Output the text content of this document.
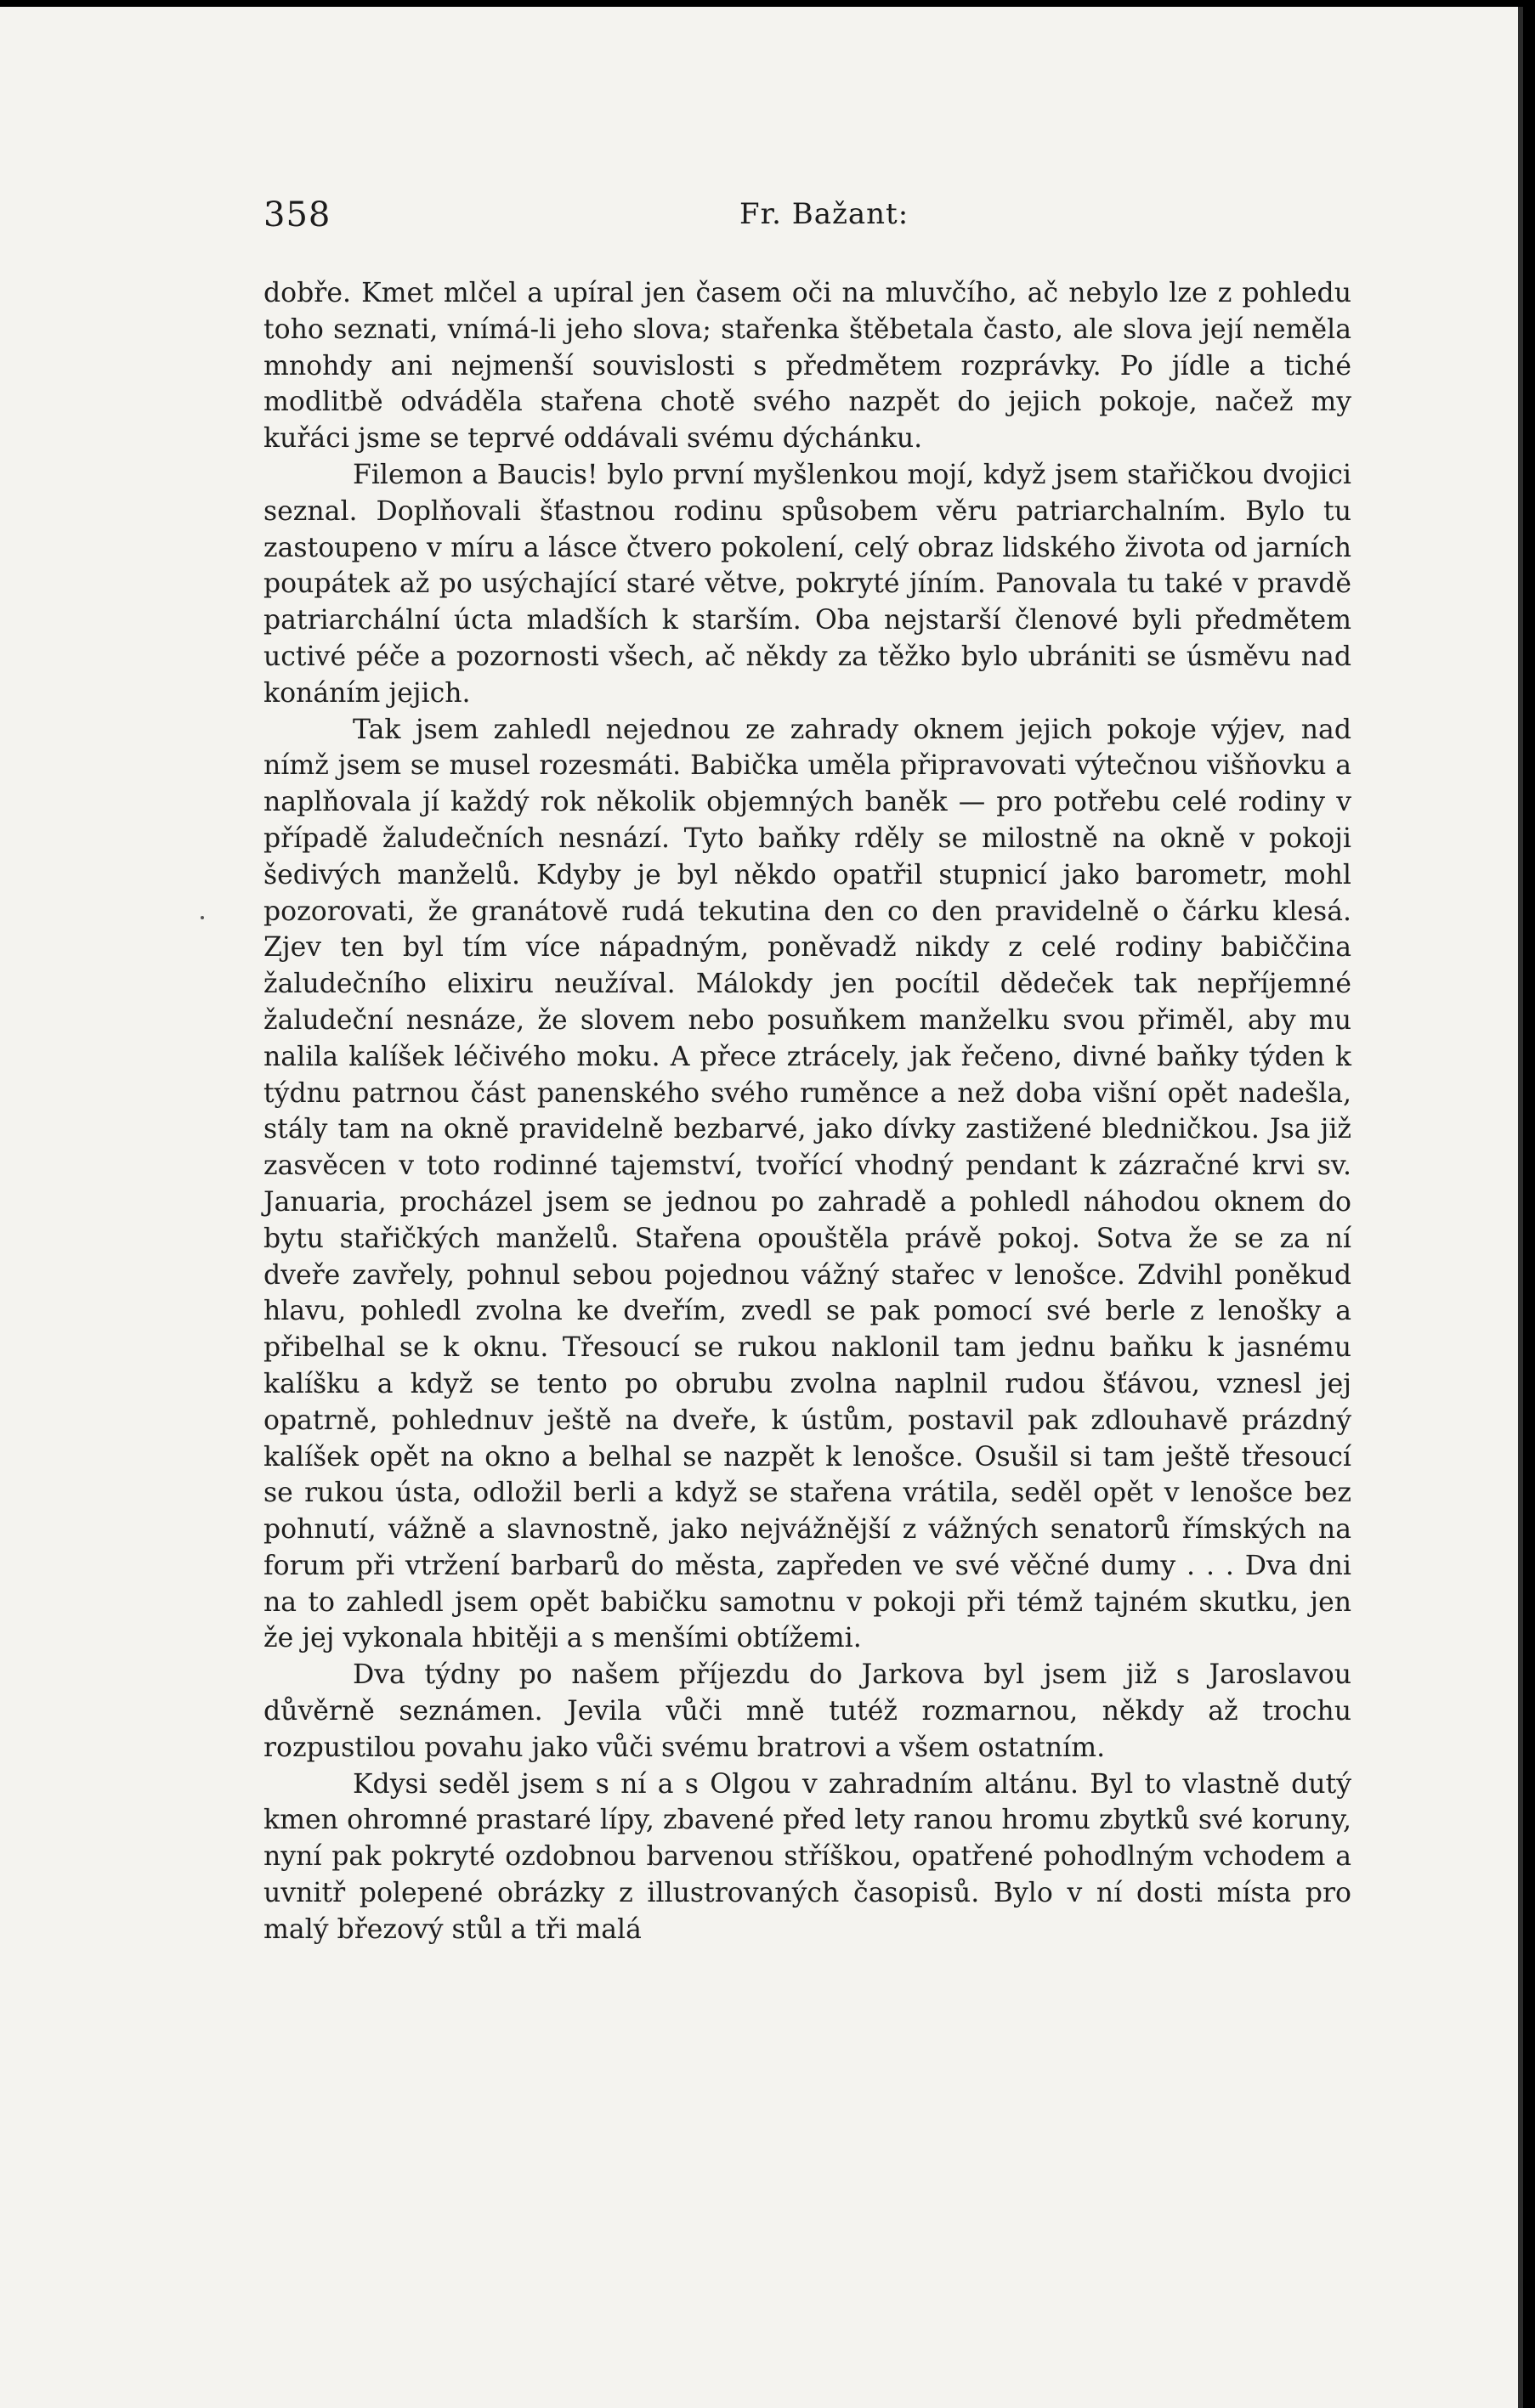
358	Fr. Bažant:

dobře. Kmet mlčel a upíral jen časem oči na mluvčího, ač nebylo lze z pohledu toho seznati, vnímá-li jeho slova; stařenka štěbetala často, ale slova její neměla mnohdy ani nejmenší souvislosti s předmětem rozprávky. Po jídle a tiché modlitbě odváděla stařena chotě svého nazpět do jejich pokoje, načež my kuřáci jsme se teprvé oddávali svému dýchánku.

Filemon a Baucis! bylo první myšlenkou mojí, když jsem stařičkou dvojici seznal. Doplňovali šťastnou rodinu spůsobem věru patriarchalním. Bylo tu zastoupeno v míru a lásce čtvero pokolení, celý obraz lidského života od jarních poupátek až po usýchající staré větve, pokryté jíním. Panovala tu také v pravdě patriarchální úcta mladších k starším. Oba nejstarší členové byli předmětem uctivé péče a pozornosti všech, ač někdy za těžko bylo ubrániti se úsměvu nad konáním jejich.

Tak jsem zahledl nejednou ze zahrady oknem jejich pokoje výjev, nad nímž jsem se musel rozesmáti. Babička uměla připravovati výtečnou višňovku a naplňovala jí každý rok několik objemných baněk — pro potřebu celé rodiny v případě žaludečních nesnází. Tyto baňky rděly se milostně na okně v pokoji šedivých manželů. Kdyby je byl někdo opatřil stupnicí jako barometr, mohl pozorovati, že granátově rudá tekutina den co den pravidelně o čárku klesá. Zjev ten byl tím více nápadným, poněvadž nikdy z celé rodiny babiččina žaludečního elixiru neužíval. Málokdy jen pocítil dědeček tak nepříjemné žaludeční nesnáze, že slovem nebo posuňkem manželku svou přiměl, aby mu nalila kalíšek léčivého moku. A přece ztrácely, jak řečeno, divné baňky týden k týdnu patrnou část panenského svého ruměnce a než doba višní opět nadešla, stály tam na okně pravidelně bezbarvé, jako dívky zastižené bledničkou. Jsa již zasvěcen v toto rodinné tajemství, tvořící vhodný pendant k zázračné krvi sv. Januaria, procházel jsem se jednou po zahradě a pohledl náhodou oknem do bytu stařičkých manželů. Stařena opouštěla právě pokoj. Sotva že se za ní dveře zavřely, pohnul sebou pojednou vážný stařec v lenošce. Zdvihl poněkud hlavu, pohledl zvolna ke dveřím, zvedl se pak pomocí své berle z lenošky a přibelhal se k oknu. Třesoucí se rukou naklonil tam jednu baňku k jasnému kalíšku a když se tento po obrubu zvolna naplnil rudou šťávou, vznesl jej opatrně, pohlednuv ještě na dveře, k ústům, postavil pak zdlouhavě prázdný kalíšek opět na okno a belhal se nazpět k lenošce. Osušil si tam ještě třesoucí se rukou ústa, odložil berli a když se stařena vrátila, seděl opět v lenošce bez pohnutí, vážně a slavnostně, jako nejvážnější z vážných senatorů římských na forum při vtržení barbarů do města, zapředen ve své věčné dumy . . . Dva dni na to zahledl jsem opět babičku samotnu v pokoji při témž tajném skutku, jen že jej vykonala hbitěji a s menšími obtížemi.

Dva týdny po našem příjezdu do Jarkova byl jsem již s Jaroslavou důvěrně seznámen. Jevila vůči mně tutéž rozmarnou, někdy až trochu rozpustilou povahu jako vůči svému bratrovi a všem ostatním.

Kdysi seděl jsem s ní a s Olgou v zahradním altánu. Byl to vlastně dutý kmen ohromné prastaré lípy, zbavené před lety ranou hromu zbytků své koruny, nyní pak pokryté ozdobnou barvenou stříškou, opatřené pohodlným vchodem a uvnitř polepené obrázky z illustrovaných časopisů. Bylo v ní dosti místa pro malý březový stůl a tři malá
